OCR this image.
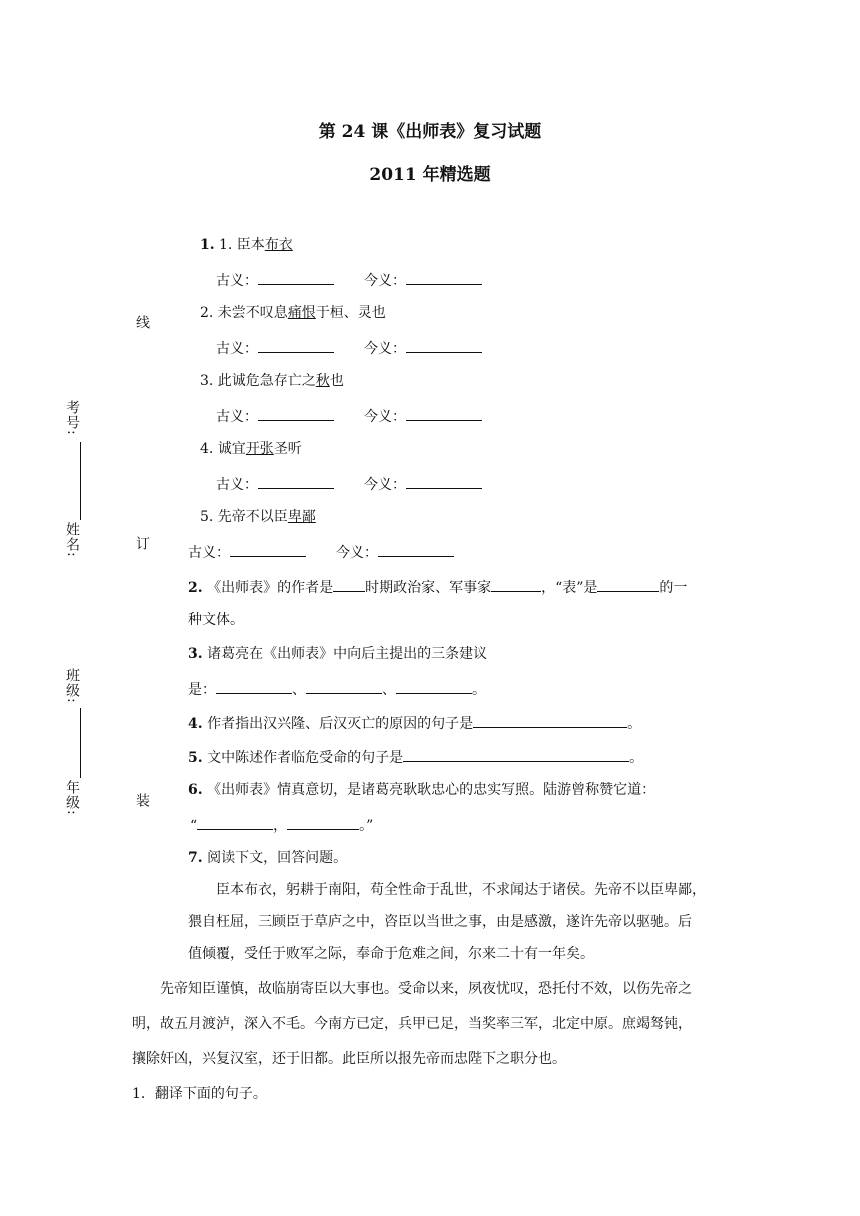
第 24 课《出师表》复习试题
2011 年精选题
考号:
姓名:
班级:
年级:
线
订
装
1. 1. 臣本布衣
古义：	今义：
2. 未尝不叹息痛恨于桓、灵也
古义：	今义：
3. 此诚危急存亡之秋也
古义：	今义：
4. 诚宜开张圣听
古义：	今义：
5. 先帝不以臣卑鄙
古义：	今义：
2. 《出师表》的作者是 时期政治家、军事家	，“表”是	的一
种文体。
3. 诸葛亮在《出师表》中向后主提出的三条建议
是：	、	、	。
4. 作者指出汉兴隆、后汉灭亡的原因的句子是	。
5. 文中陈述作者临危受命的句子是	。
6. 《出师表》情真意切，是诸葛亮耿耿忠心的忠实写照。陆游曾称赞它道：
“	，	。”
7. 阅读下文，回答问题。
臣本布衣，躬耕于南阳，苟全性命于乱世，不求闻达于诸侯。先帝不以臣卑鄙，
猥自枉屈，三顾臣于草庐之中，咨臣以当世之事，由是感激，遂许先帝以驱驰。后
值倾覆，受任于败军之际，奉命于危难之间，尔来二十有一年矣。
先帝知臣谨慎，故临崩寄臣以大事也。受命以来，夙夜忧叹，恐托付不效，以伤先帝之
明，故五月渡泸，深入不毛。今南方已定，兵甲已足，当奖率三军，北定中原。庶竭驽钝，
攘除奸凶，兴复汉室，还于旧都。此臣所以报先帝而忠陛下之职分也。
1．翻译下面的句子。
